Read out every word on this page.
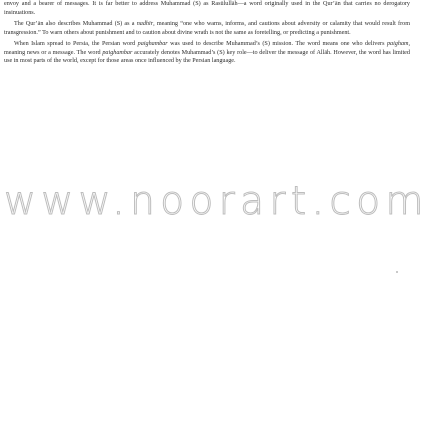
envoy and a bearer of messages. It is far better to address Muhammad (S) as Rasūlullāh—a word originally used in the Qur’ān that carries no derogatory insinuations.

The Qur’ān also describes Muhammad (S) as a nadhīr, meaning “one who warns, informs, and cautions about adversity or calamity that would result from transgression.” To warn others about punishment and to caution about divine wrath is not the same as foretelling, or predicting a punishment.

When Islam spread to Persia, the Persian word paighambar was used to describe Muhammad’s (S) mission. The word means one who delivers paigham, meaning news or a message. The word paighambar accurately denotes Muhammad’s (S) key role—to deliver the message of Allāh. However, the word has limited use in most parts of the world, except for those areas once influenced by the Persian language.

www.noorart.com
